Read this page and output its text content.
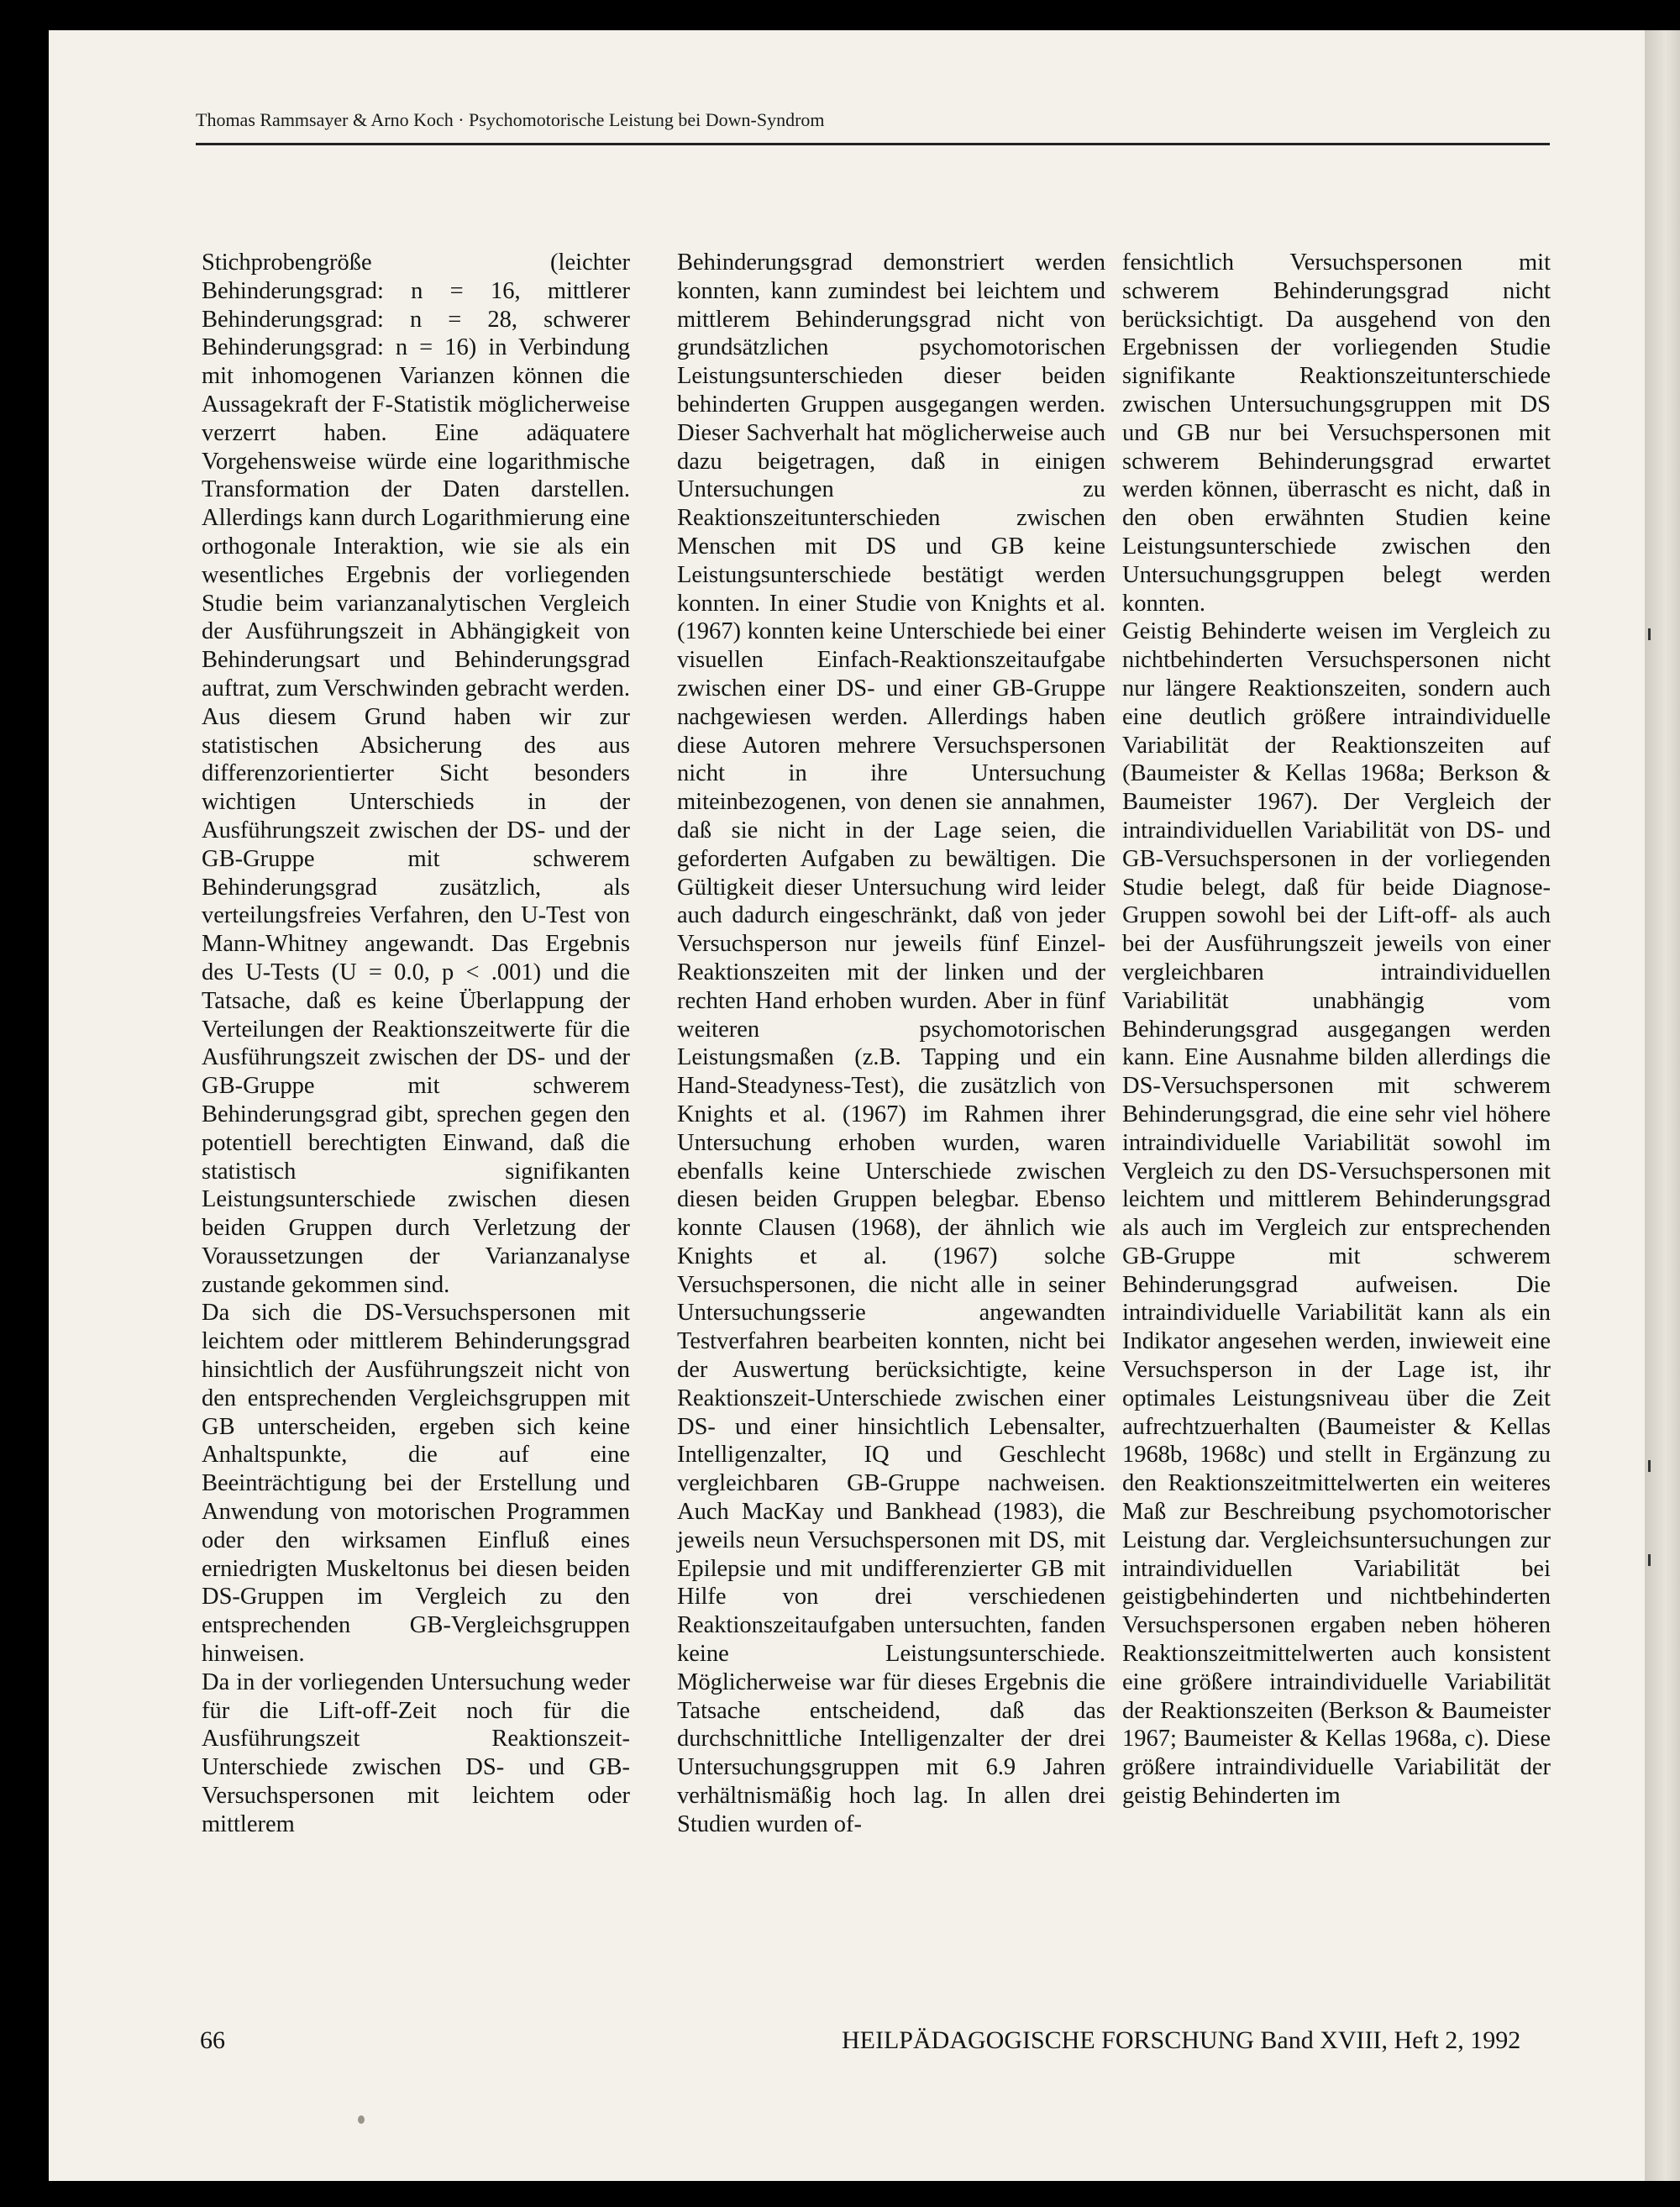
Thomas Rammsayer & Arno Koch · Psychomotorische Leistung bei Down-Syndrom

Stichprobengröße (leichter Behinderungsgrad: n = 16, mittlerer Behinderungsgrad: n = 28, schwerer Behinderungsgrad: n = 16) in Verbindung mit inhomogenen Varianzen können die Aussagekraft der F-Statistik möglicherweise verzerrt haben. Eine adäquatere Vorgehensweise würde eine logarithmische Transformation der Daten darstellen. Allerdings kann durch Logarithmierung eine orthogonale Interaktion, wie sie als ein wesentliches Ergebnis der vorliegenden Studie beim varianzanalytischen Vergleich der Ausführungszeit in Abhängigkeit von Behinderungsart und Behinderungsgrad auftrat, zum Verschwinden gebracht werden. Aus diesem Grund haben wir zur statistischen Absicherung des aus differenzorientierter Sicht besonders wichtigen Unterschieds in der Ausführungszeit zwischen der DS- und der GB-Gruppe mit schwerem Behinderungsgrad zusätzlich, als verteilungsfreies Verfahren, den U-Test von Mann-Whitney angewandt. Das Ergebnis des U-Tests (U = 0.0, p < .001) und die Tatsache, daß es keine Überlappung der Verteilungen der Reaktionszeitwerte für die Ausführungszeit zwischen der DS- und der GB-Gruppe mit schwerem Behinderungsgrad gibt, sprechen gegen den potentiell berechtigten Einwand, daß die statistisch signifikanten Leistungsunterschiede zwischen diesen beiden Gruppen durch Verletzung der Voraussetzungen der Varianzanalyse zustande gekommen sind.

Da sich die DS-Versuchspersonen mit leichtem oder mittlerem Behinderungsgrad hinsichtlich der Ausführungszeit nicht von den entsprechenden Vergleichsgruppen mit GB unterscheiden, ergeben sich keine Anhaltspunkte, die auf eine Beeinträchtigung bei der Erstellung und Anwendung von motorischen Programmen oder den wirksamen Einfluß eines erniedrigten Muskeltonus bei diesen beiden DS-Gruppen im Vergleich zu den entsprechenden GB-Vergleichsgruppen hinweisen.

Da in der vorliegenden Untersuchung weder für die Lift-off-Zeit noch für die Ausführungszeit Reaktionszeit-Unterschiede zwischen DS- und GB-Versuchspersonen mit leichtem oder mittlerem

Behinderungsgrad demonstriert werden konnten, kann zumindest bei leichtem und mittlerem Behinderungsgrad nicht von grundsätzlichen psychomotorischen Leistungsunterschieden dieser beiden behinderten Gruppen ausgegangen werden. Dieser Sachverhalt hat möglicherweise auch dazu beigetragen, daß in einigen Untersuchungen zu Reaktionszeitunterschieden zwischen Menschen mit DS und GB keine Leistungsunterschiede bestätigt werden konnten. In einer Studie von Knights et al. (1967) konnten keine Unterschiede bei einer visuellen Einfach-Reaktionszeitaufgabe zwischen einer DS- und einer GB-Gruppe nachgewiesen werden. Allerdings haben diese Autoren mehrere Versuchspersonen nicht in ihre Untersuchung miteinbezogenen, von denen sie annahmen, daß sie nicht in der Lage seien, die geforderten Aufgaben zu bewältigen. Die Gültigkeit dieser Untersuchung wird leider auch dadurch eingeschränkt, daß von jeder Versuchsperson nur jeweils fünf Einzel-Reaktionszeiten mit der linken und der rechten Hand erhoben wurden. Aber in fünf weiteren psychomotorischen Leistungsmaßen (z.B. Tapping und ein Hand-Steadyness-Test), die zusätzlich von Knights et al. (1967) im Rahmen ihrer Untersuchung erhoben wurden, waren ebenfalls keine Unterschiede zwischen diesen beiden Gruppen belegbar. Ebenso konnte Clausen (1968), der ähnlich wie Knights et al. (1967) solche Versuchspersonen, die nicht alle in seiner Untersuchungsserie angewandten Testverfahren bearbeiten konnten, nicht bei der Auswertung berücksichtigte, keine Reaktionszeit-Unterschiede zwischen einer DS- und einer hinsichtlich Lebensalter, Intelligenzalter, IQ und Geschlecht vergleichbaren GB-Gruppe nachweisen. Auch MacKay und Bankhead (1983), die jeweils neun Versuchspersonen mit DS, mit Epilepsie und mit undifferenzierter GB mit Hilfe von drei verschiedenen Reaktionszeitaufgaben untersuchten, fanden keine Leistungsunterschiede. Möglicherweise war für dieses Ergebnis die Tatsache entscheidend, daß das durchschnittliche Intelligenzalter der drei Untersuchungsgruppen mit 6.9 Jahren verhältnismäßig hoch lag. In allen drei Studien wurden of-

fensichtlich Versuchspersonen mit schwerem Behinderungsgrad nicht berücksichtigt. Da ausgehend von den Ergebnissen der vorliegenden Studie signifikante Reaktionszeitunterschiede zwischen Untersuchungsgruppen mit DS und GB nur bei Versuchspersonen mit schwerem Behinderungsgrad erwartet werden können, überrascht es nicht, daß in den oben erwähnten Studien keine Leistungsunterschiede zwischen den Untersuchungsgruppen belegt werden konnten.

Geistig Behinderte weisen im Vergleich zu nichtbehinderten Versuchspersonen nicht nur längere Reaktionszeiten, sondern auch eine deutlich größere intraindividuelle Variabilität der Reaktionszeiten auf (Baumeister & Kellas 1968a; Berkson & Baumeister 1967). Der Vergleich der intraindividuellen Variabilität von DS- und GB-Versuchspersonen in der vorliegenden Studie belegt, daß für beide Diagnose-Gruppen sowohl bei der Lift-off- als auch bei der Ausführungszeit jeweils von einer vergleichbaren intraindividuellen Variabilität unabhängig vom Behinderungsgrad ausgegangen werden kann. Eine Ausnahme bilden allerdings die DS-Versuchspersonen mit schwerem Behinderungsgrad, die eine sehr viel höhere intraindividuelle Variabilität sowohl im Vergleich zu den DS-Versuchspersonen mit leichtem und mittlerem Behinderungsgrad als auch im Vergleich zur entsprechenden GB-Gruppe mit schwerem Behinderungsgrad aufweisen. Die intraindividuelle Variabilität kann als ein Indikator angesehen werden, inwieweit eine Versuchsperson in der Lage ist, ihr optimales Leistungsniveau über die Zeit aufrechtzuerhalten (Baumeister & Kellas 1968b, 1968c) und stellt in Ergänzung zu den Reaktionszeitmittelwerten ein weiteres Maß zur Beschreibung psychomotorischer Leistung dar. Vergleichsuntersuchungen zur intraindividuellen Variabilität bei geistigbehinderten und nichtbehinderten Versuchspersonen ergaben neben höheren Reaktionszeitmittelwerten auch konsistent eine größere intraindividuelle Variabilität der Reaktionszeiten (Berkson & Baumeister 1967; Baumeister & Kellas 1968a, c). Diese größere intraindividuelle Variabilität der geistig Behinderten im

66	HEILPÄDAGOGISCHE FORSCHUNG Band XVIII, Heft 2, 1992
